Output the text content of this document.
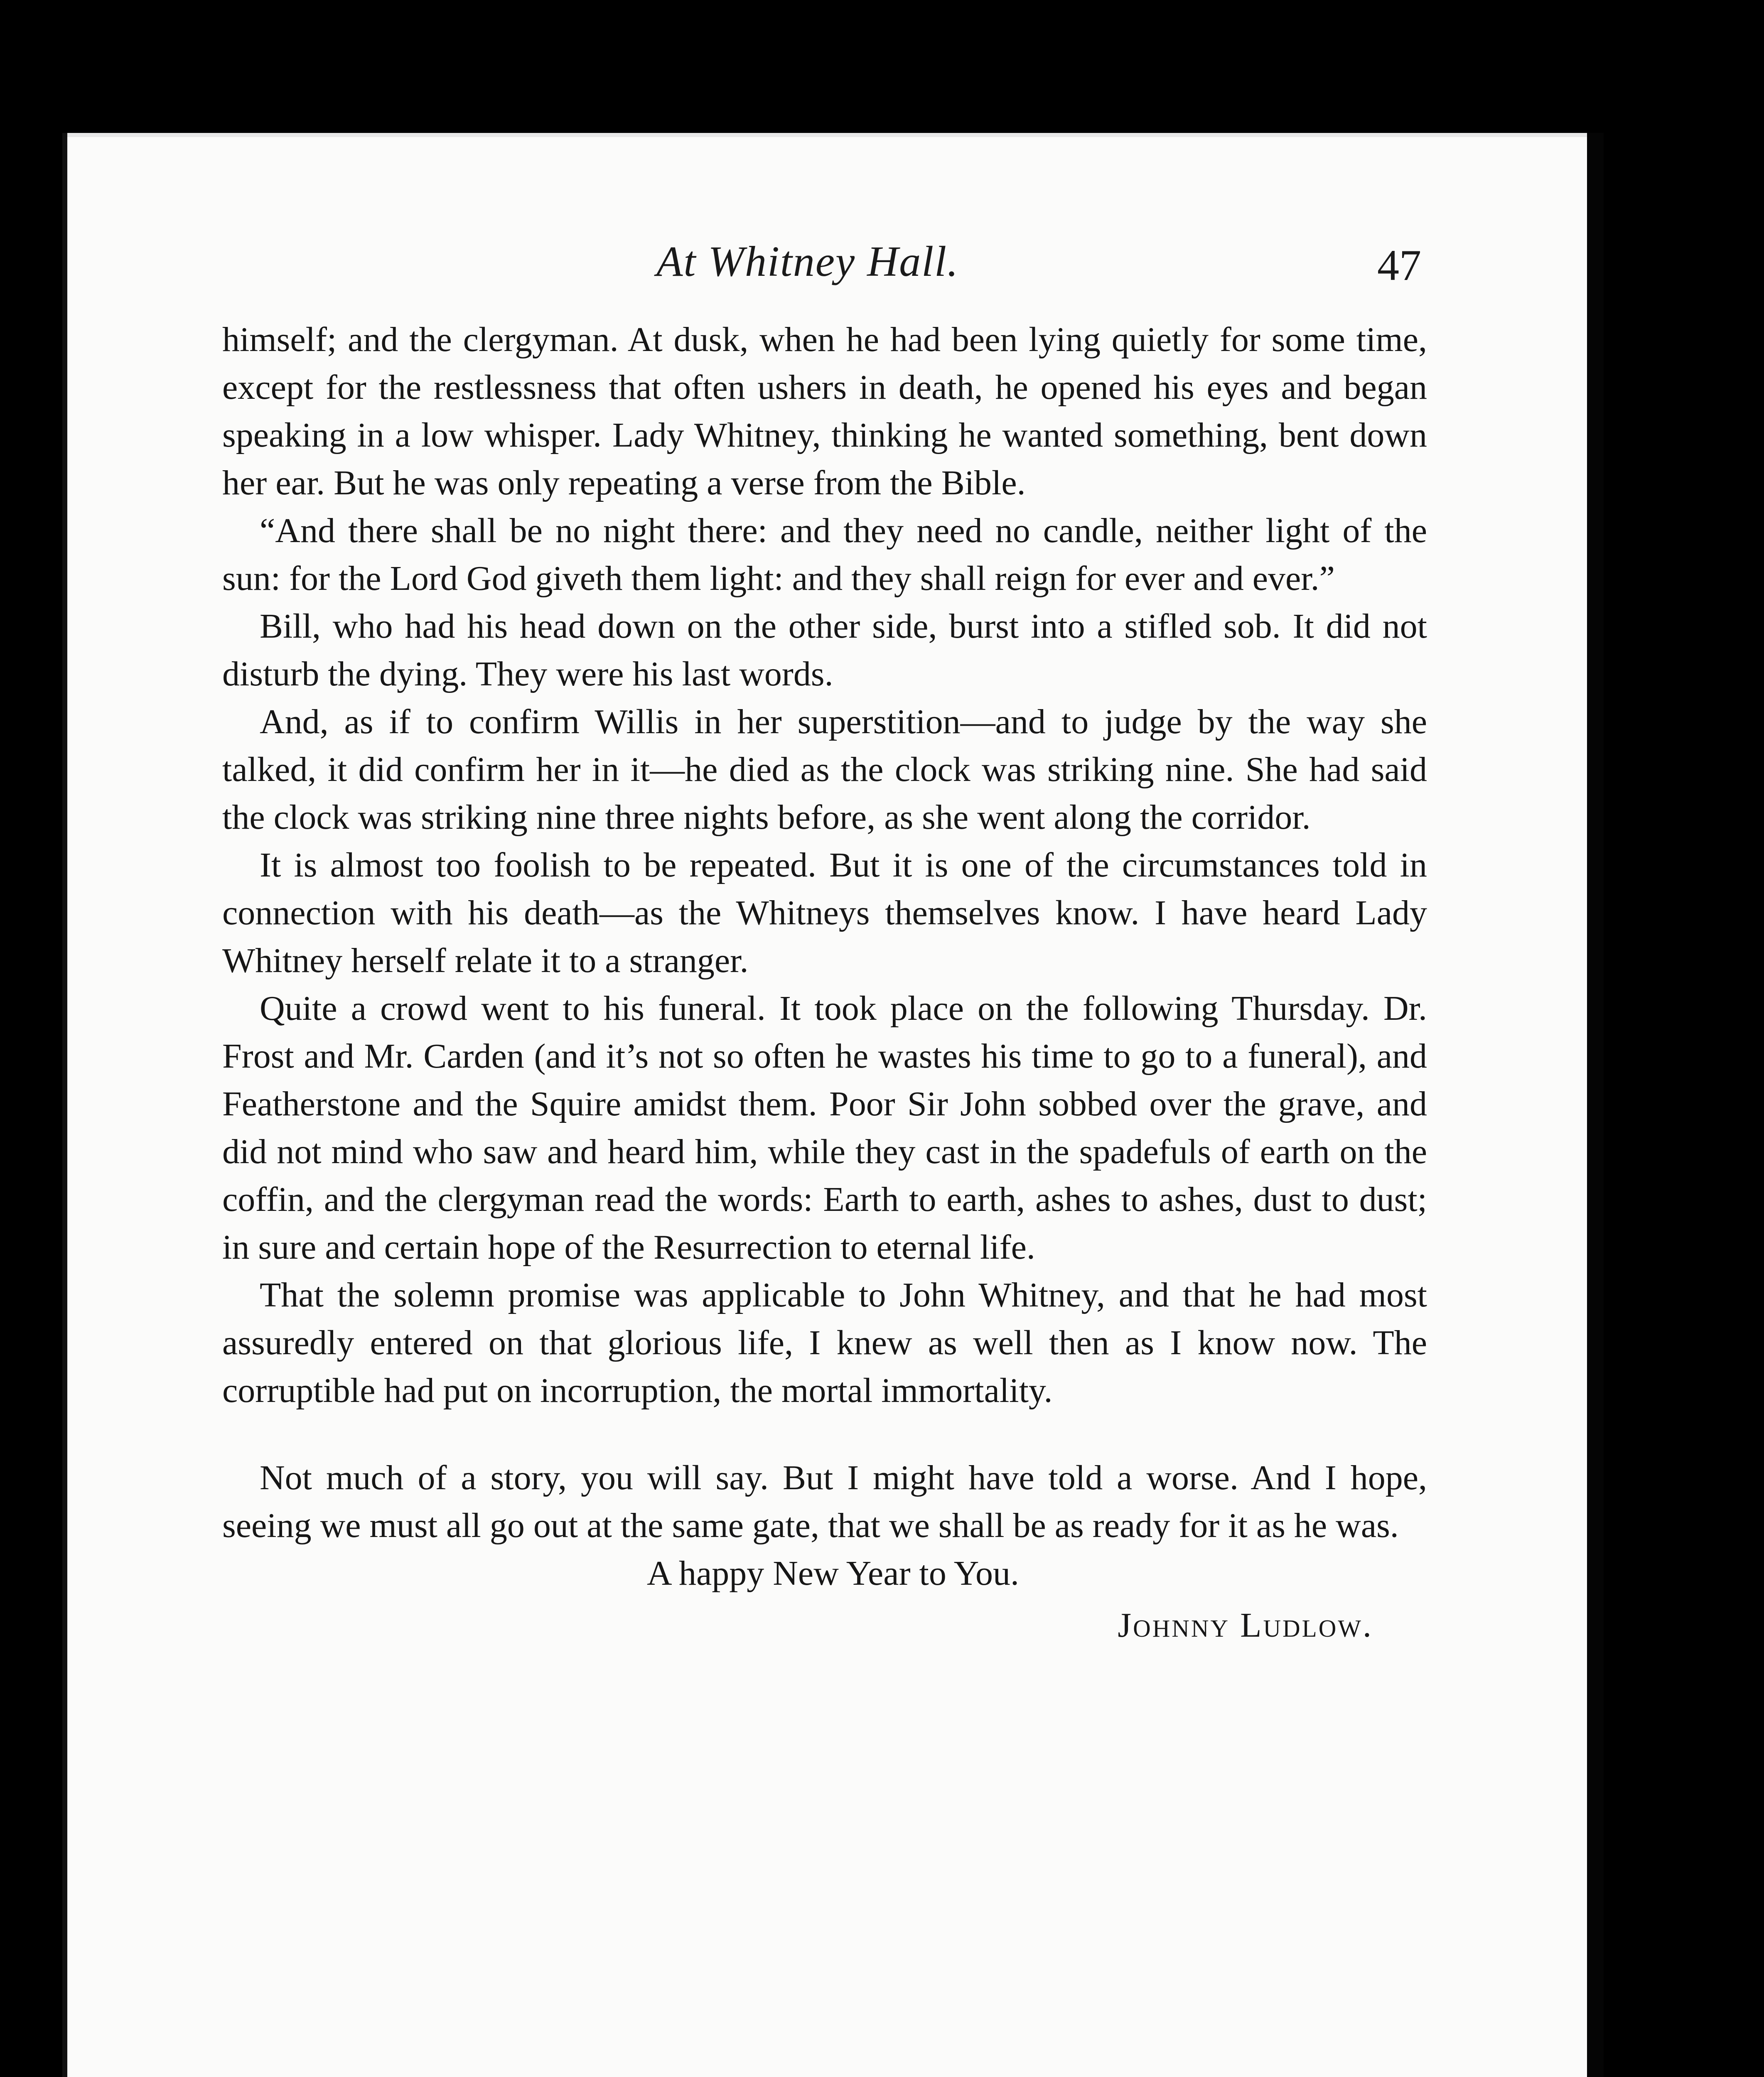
At Whitney Hall.	47

himself; and the clergyman. At dusk, when he had been lying quietly for some time, except for the restlessness that often ushers in death, he opened his eyes and began speaking in a low whisper. Lady Whitney, thinking he wanted something, bent down her ear. But he was only repeating a verse from the Bible.

“And there shall be no night there: and they need no candle, neither light of the sun: for the Lord God giveth them light: and they shall reign for ever and ever.”

Bill, who had his head down on the other side, burst into a stifled sob. It did not disturb the dying. They were his last words.

And, as if to confirm Willis in her superstition—and to judge by the way she talked, it did confirm her in it—he died as the clock was striking nine. She had said the clock was striking nine three nights before, as she went along the corridor.

It is almost too foolish to be repeated. But it is one of the circumstances told in connection with his death—as the Whitneys themselves know. I have heard Lady Whitney herself relate it to a stranger.

Quite a crowd went to his funeral. It took place on the following Thursday. Dr. Frost and Mr. Carden (and it’s not so often he wastes his time to go to a funeral), and Featherstone and the Squire amidst them. Poor Sir John sobbed over the grave, and did not mind who saw and heard him, while they cast in the spadefuls of earth on the coffin, and the clergyman read the words: Earth to earth, ashes to ashes, dust to dust; in sure and certain hope of the Resurrection to eternal life.

That the solemn promise was applicable to John Whitney, and that he had most assuredly entered on that glorious life, I knew as well then as I know now. The corruptible had put on incorruption, the mortal immortality.

Not much of a story, you will say. But I might have told a worse. And I hope, seeing we must all go out at the same gate, that we shall be as ready for it as he was.

A happy New Year to You.

Johnny Ludlow.
